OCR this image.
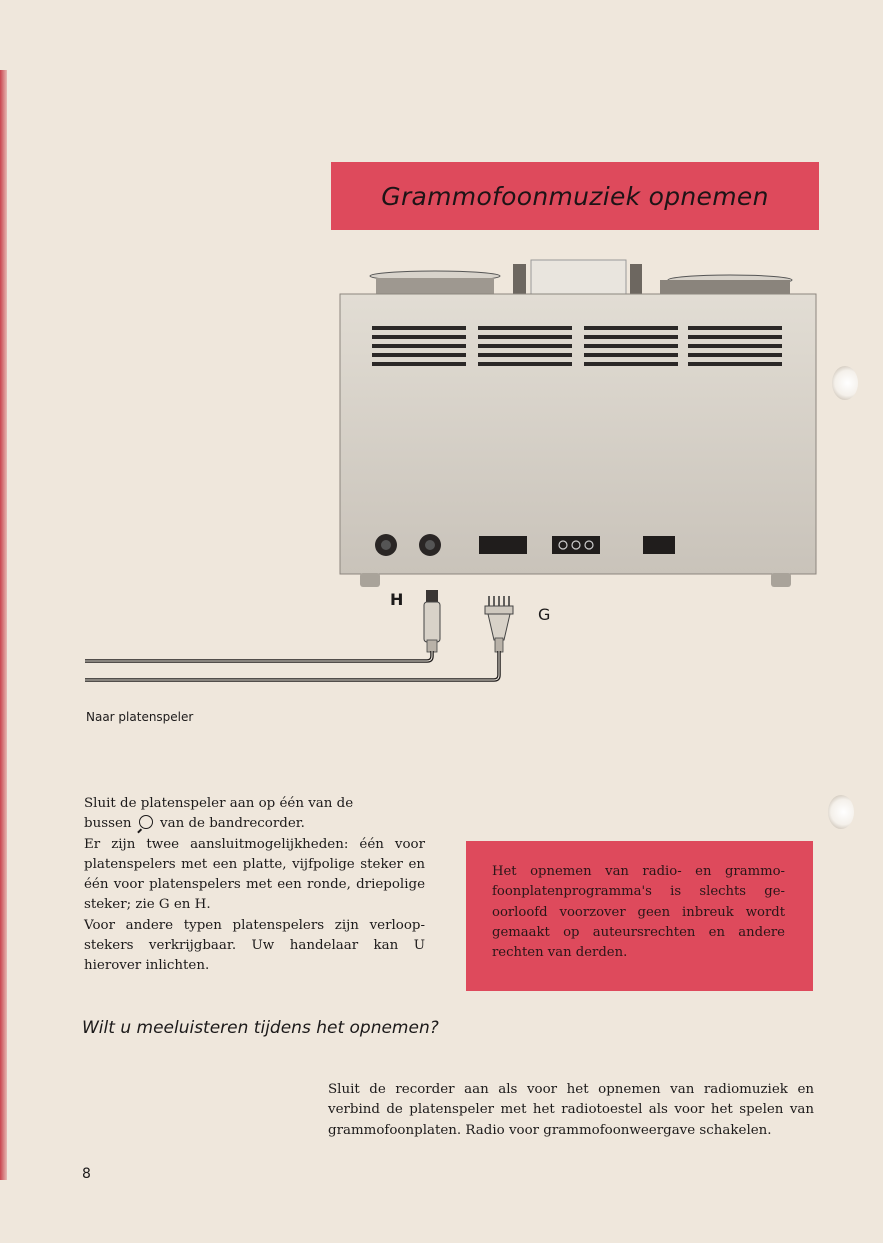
Grammofoonmuziek opnemen
H
G
Naar platenspeler

Sluit de platenspeler aan op één van de

bussen van de bandrecorder.

Er zijn twee aansluitmogelijkheden: één voor platenspelers met een platte, vijfpolige steker en één voor platenspelers met een ronde, driepolige steker; zie G en H.

Voor andere typen platenspelers zijn verloop-stekers verkrijgbaar. Uw handelaar kan U hierover inlichten.

Het opnemen van radio- en grammo-foonplatenprogramma's is slechts ge-oorloofd voorzover geen inbreuk wordt gemaakt op auteursrechten en andere rechten van derden.

Wilt u meeluisteren tijdens het opnemen?

Sluit de recorder aan als voor het opnemen van radiomuziek en verbind de platenspeler met het radiotoestel als voor het spelen van grammofoonplaten. Radio voor grammofoonweergave schakelen.

8
